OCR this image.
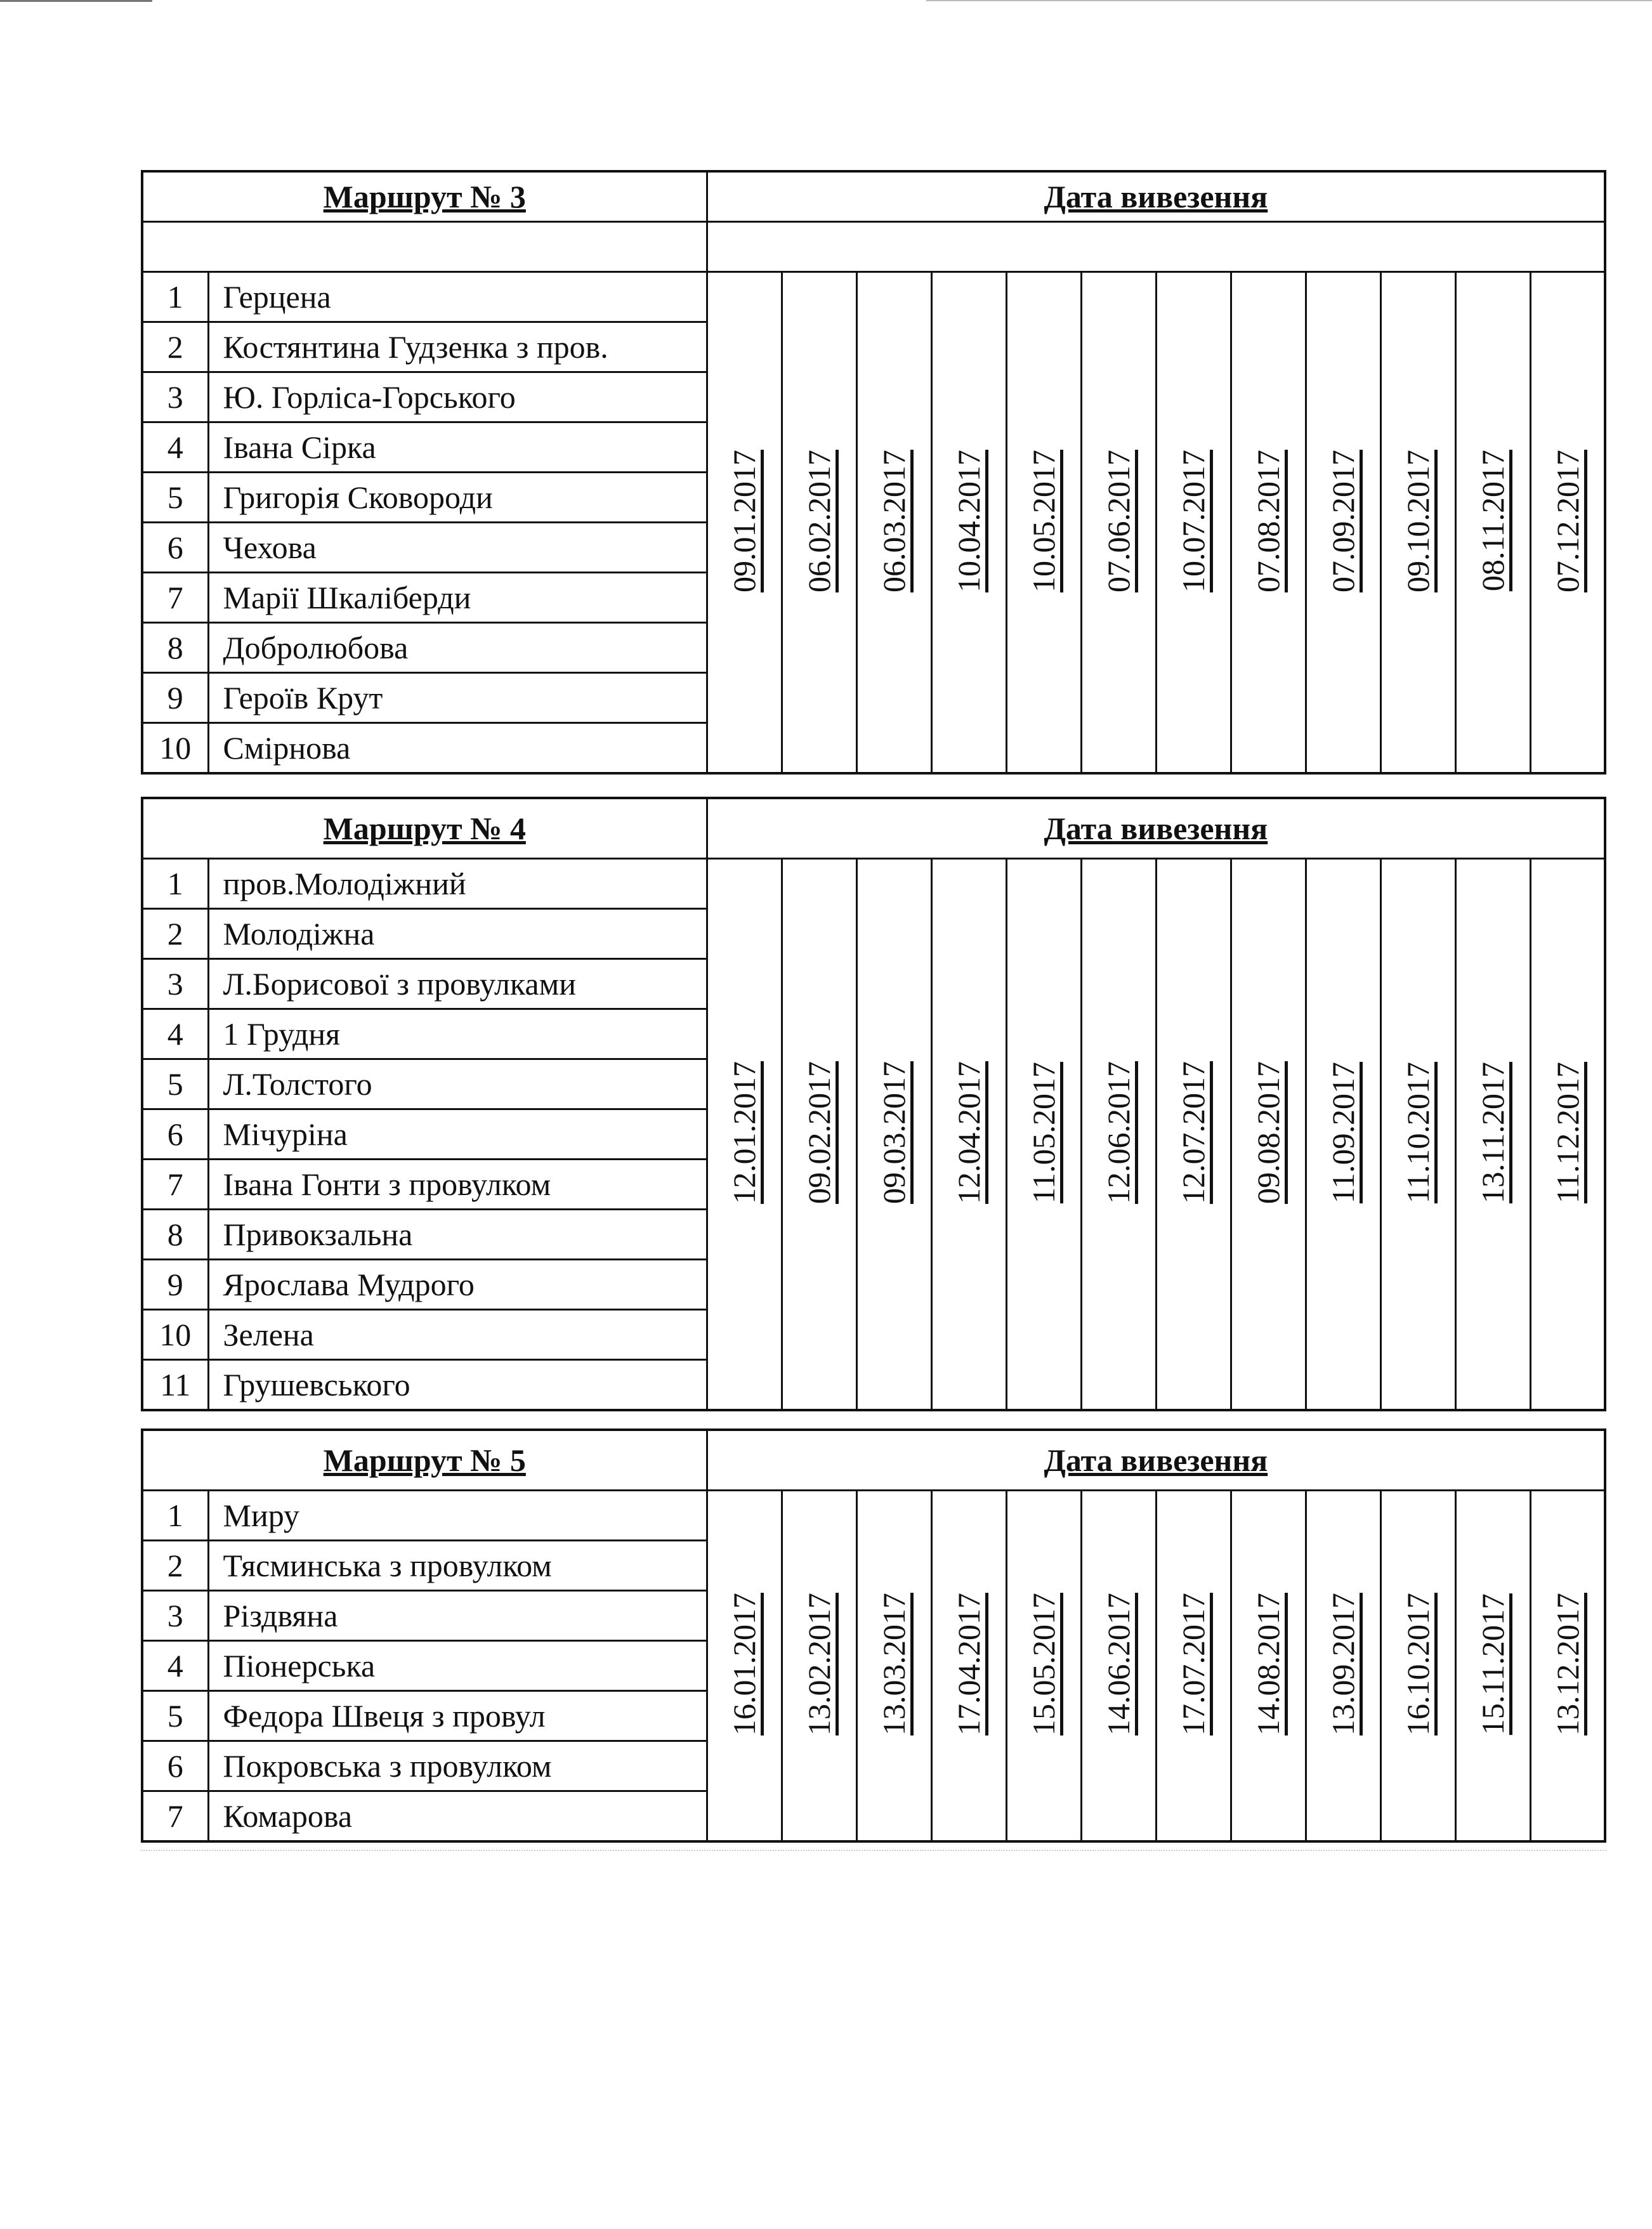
Маршрут № 3		Дата вивезення											

1	Герцена	09.01.2017	06.02.2017	06.03.2017	10.04.2017	10.05.2017	07.06.2017	10.07.2017	07.08.2017	07.09.2017	09.10.2017	08.11.2017	07.12.2017
2	Костянтина Гудзенка з пров.												
3	Ю. Горліса-Горського												
4	Івана Сірка												
5	Григорія Сковороди												
6	Чехова												
7	Марії Шкаліберди												
8	Добролюбова												
9	Героїв Крут												
10	Смірнова												
Маршрут № 4		Дата вивезення											
1	пров.Молодіжний	12.01.2017	09.02.2017	09.03.2017	12.04.2017	11.05.2017	12.06.2017	12.07.2017	09.08.2017	11.09.2017	11.10.2017	13.11.2017	11.12.2017
2	Молодіжна												
3	Л.Борисової з провулками												
4	1 Грудня												
5	Л.Толстого												
6	Мічуріна												
7	Івана Гонти з провулком												
8	Привокзальна												
9	Ярослава Мудрого												
10	Зелена												
11	Грушевського												
Маршрут № 5		Дата вивезення											
1	Миру	16.01.2017	13.02.2017	13.03.2017	17.04.2017	15.05.2017	14.06.2017	17.07.2017	14.08.2017	13.09.2017	16.10.2017	15.11.2017	13.12.2017
2	Тясминська з провулком												
3	Різдвяна												
4	Піонерська												
5	Федора Швеця з провул												
6	Покровська з провулком												
7	Комарова												
